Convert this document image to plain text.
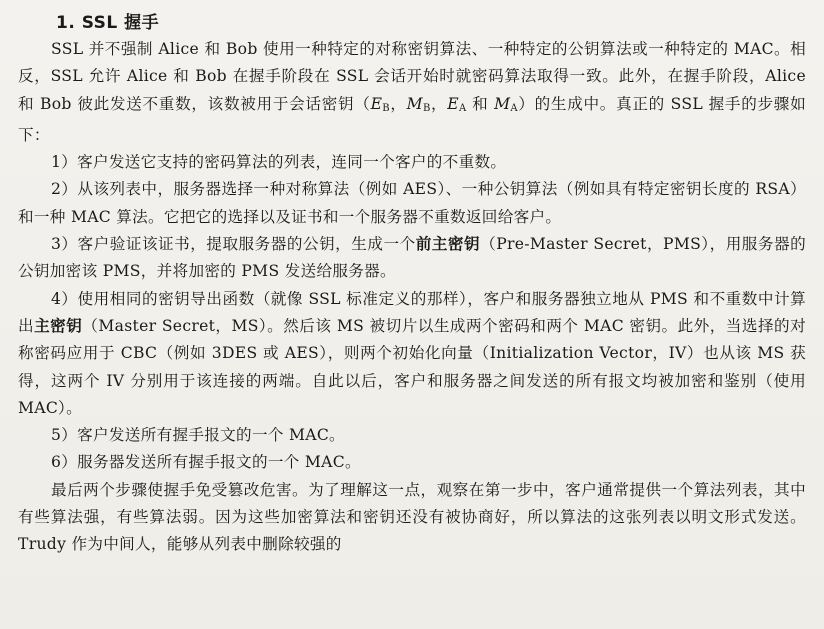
1. SSL 握手

SSL 并不强制 Alice 和 Bob 使用一种特定的对称密钥算法、一种特定的公钥算法或一种特定的 MAC。相反，SSL 允许 Alice 和 Bob 在握手阶段在 SSL 会话开始时就密码算法取得一致。此外，在握手阶段，Alice 和 Bob 彼此发送不重数，该数被用于会话密钥（$E_B$，$M_B$，$E_A$ 和 $M_A$）的生成中。真正的 SSL 握手的步骤如下：

1）客户发送它支持的密码算法的列表，连同一个客户的不重数。

2）从该列表中，服务器选择一种对称算法（例如 AES）、一种公钥算法（例如具有特定密钥长度的 RSA）和一种 MAC 算法。它把它的选择以及证书和一个服务器不重数返回给客户。

3）客户验证该证书，提取服务器的公钥，生成一个前主密钥（Pre-Master Secret，PMS），用服务器的公钥加密该 PMS，并将加密的 PMS 发送给服务器。

4）使用相同的密钥导出函数（就像 SSL 标准定义的那样），客户和服务器独立地从 PMS 和不重数中计算出主密钥（Master Secret，MS）。然后该 MS 被切片以生成两个密码和两个 MAC 密钥。此外，当选择的对称密码应用于 CBC（例如 3DES 或 AES），则两个初始化向量（Initialization Vector，IV）也从该 MS 获得，这两个 IV 分别用于该连接的两端。自此以后，客户和服务器之间发送的所有报文均被加密和鉴别（使用 MAC）。

5）客户发送所有握手报文的一个 MAC。

6）服务器发送所有握手报文的一个 MAC。

最后两个步骤使握手免受篡改危害。为了理解这一点，观察在第一步中，客户通常提供一个算法列表，其中有些算法强，有些算法弱。因为这些加密算法和密钥还没有被协商好，所以算法的这张列表以明文形式发送。Trudy 作为中间人，能够从列表中删除较强的
